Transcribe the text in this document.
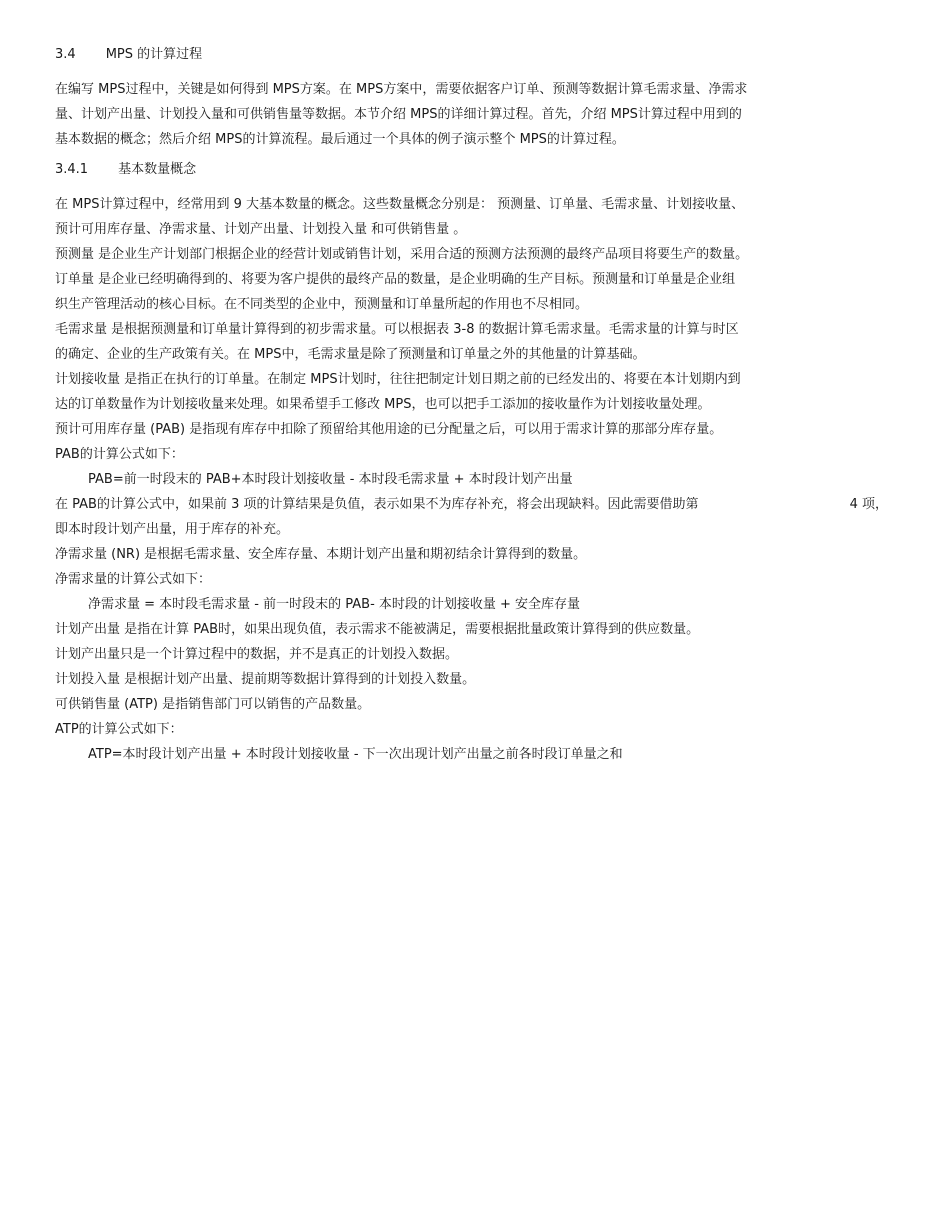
3.4 MPS 的计算过程
在编写 MPS过程中，关键是如何得到 MPS方案。在 MPS方案中，需要依据客户订单、预测等数据计算毛需求量、净需求
量、计划产出量、计划投入量和可供销售量等数据。本节介绍 MPS的详细计算过程。首先，介绍 MPS计算过程中用到的
基本数据的概念；然后介绍 MPS的计算流程。最后通过一个具体的例子演示整个 MPS的计算过程。
3.4.1 基本数量概念
在 MPS计算过程中，经常用到 9 大基本数量的概念。这些数量概念分别是： 预测量、订单量、毛需求量、计划接收量、
预计可用库存量、净需求量、计划产出量、计划投入量 和可供销售量 。
预测量 是企业生产计划部门根据企业的经营计划或销售计划，采用合适的预测方法预测的最终产品项目将要生产的数量。
订单量 是企业已经明确得到的、将要为客户提供的最终产品的数量，是企业明确的生产目标。预测量和订单量是企业组
织生产管理活动的核心目标。在不同类型的企业中，预测量和订单量所起的作用也不尽相同。
毛需求量 是根据预测量和订单量计算得到的初步需求量。可以根据表 3-8 的数据计算毛需求量。毛需求量的计算与时区
的确定、企业的生产政策有关。在 MPS中，毛需求量是除了预测量和订单量之外的其他量的计算基础。
计划接收量 是指正在执行的订单量。在制定 MPS计划时，往往把制定计划日期之前的已经发出的、将要在本计划期内到
达的订单数量作为计划接收量来处理。如果希望手工修改 MPS，也可以把手工添加的接收量作为计划接收量处理。
预计可用库存量 (PAB) 是指现有库存中扣除了预留给其他用途的已分配量之后，可以用于需求计算的那部分库存量。
PAB的计算公式如下：
PAB=前一时段末的 PAB+本时段计划接收量 - 本时段毛需求量 + 本时段计划产出量
在 PAB的计算公式中，如果前 3 项的计算结果是负值，表示如果不为库存补充，将会出现缺料。因此需要借助第	4 项，
即本时段计划产出量，用于库存的补充。
净需求量 (NR) 是根据毛需求量、安全库存量、本期计划产出量和期初结余计算得到的数量。
净需求量的计算公式如下：
净需求量 = 本时段毛需求量 - 前一时段末的 PAB- 本时段的计划接收量 + 安全库存量
计划产出量 是指在计算 PAB时，如果出现负值，表示需求不能被满足，需要根据批量政策计算得到的供应数量。
计划产出量只是一个计算过程中的数据，并不是真正的计划投入数据。
计划投入量 是根据计划产出量、提前期等数据计算得到的计划投入数量。
可供销售量 (ATP) 是指销售部门可以销售的产品数量。
ATP的计算公式如下：
ATP=本时段计划产出量 + 本时段计划接收量 - 下一次出现计划产出量之前各时段订单量之和
